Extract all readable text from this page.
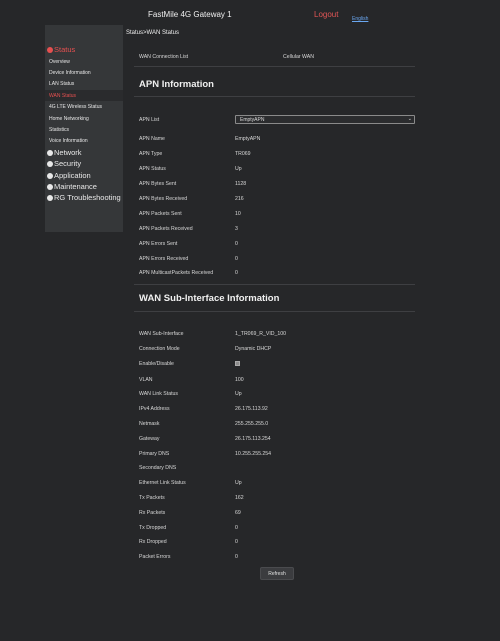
FastMile 4G Gateway 1	Logout	English
Status
Overview
Device Information
LAN Status
WAN Status
4G LTE Wireless Status
Home Networking
Statistics
Voice Information
Network
Security
Application
Maintenance
RG Troubleshooting
Status>WAN Status
WAN Connection List	Cellular WAN
APN Information
APN List	EmptyAPN	⌄
APN Name	EmptyAPN
APN Type	TR069
APN Status	Up
APN Bytes Sent	1128
APN Bytes Received	216
APN Packets Sent	10
APN Packets Received	3
APN Errors Sent	0
APN Errors Received	0
APN MulticastPackets Received	0
WAN Sub-Interface Information
WAN Sub-Interface	1_TR069_R_VID_100
Connection Mode	Dynamic DHCP
Enable/Disable
VLAN	100
WAN Link Status	Up
IPv4 Address	26.175.113.92
Netmask	255.255.255.0
Gateway	26.175.113.254
Primary DNS	10.255.255.254
Secondary DNS
Ethernet Link Status	Up
Tx Packets	162
Rx Packets	69
Tx Dropped	0
Rx Dropped	0
Packet Errors	0
Refresh
